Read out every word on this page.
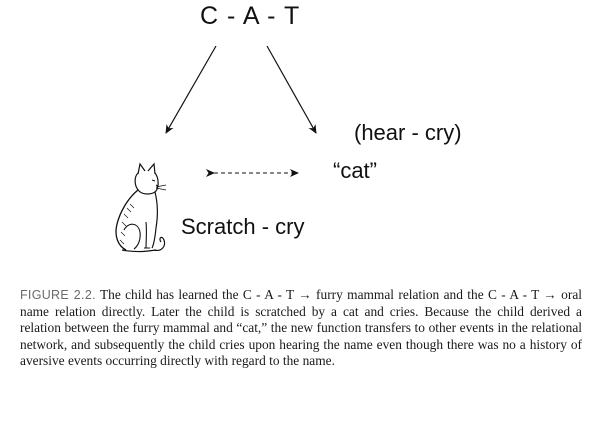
C - A - T
(hear - cry)
“cat”
Scratch - cry
FIGURE 2.2. The child has learned the C - A - T → furry mammal relation and the C - A - T → oral name relation directly. Later the child is scratched by a cat and cries. Because the child derived a relation between the furry mammal and “cat,” the new function transfers to other events in the relational network, and subsequently the child cries upon hearing the name even though there was no a history of aversive events occurring directly with regard to the name.
